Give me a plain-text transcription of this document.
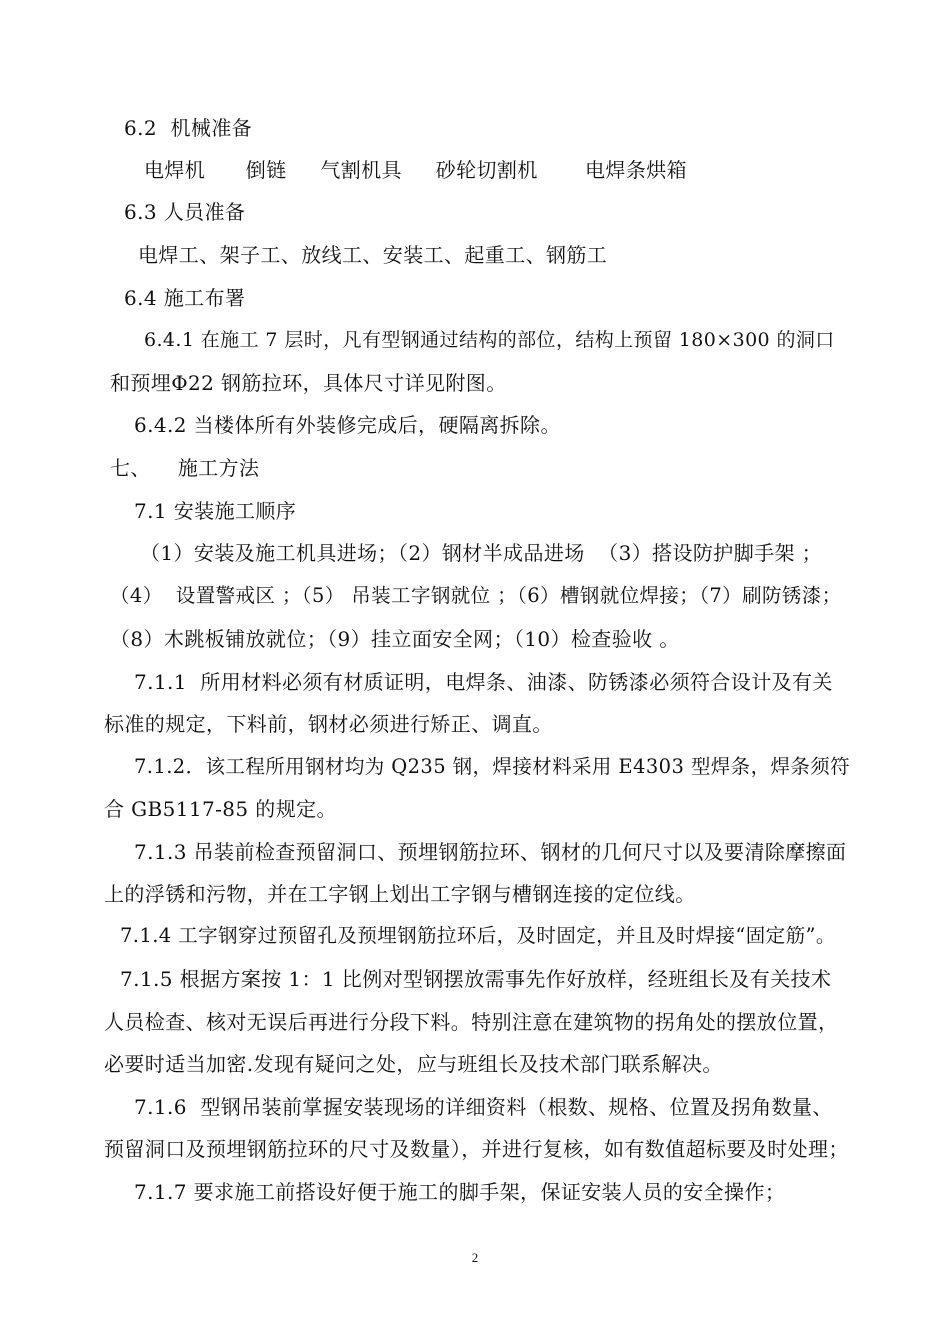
6.2  机械准备
电焊机      倒链     气割机具     砂轮切割机       电焊条烘箱
6.3 人员准备
电焊工、架子工、放线工、安装工、起重工、钢筋工
6.4 施工布署
6.4.1 在施工 7 层时，凡有型钢通过结构的部位，结构上预留 180×300 的洞口
和预埋Φ22 钢筋拉环，具体尺寸详见附图。
6.4.2 当楼体所有外装修完成后，硬隔离拆除。
七、    施工方法
7.1 安装施工顺序
（1）安装及施工机具进场；（2）钢材半成品进场  （3）搭设防护脚手架 ；
（4）  设置警戒区 ；（5） 吊装工字钢就位 ；（6）槽钢就位焊接；（7）刷防锈漆；
（8）木跳板铺放就位；（9）挂立面安全网；（10）检查验收 。
7.1.1  所用材料必须有材质证明，电焊条、油漆、防锈漆必须符合设计及有关
标准的规定，下料前，钢材必须进行矫正、调直。
7.1.2．该工程所用钢材均为 Q235 钢，焊接材料采用 E4303 型焊条，焊条须符
合 GB5117-85 的规定。
7.1.3 吊装前检查预留洞口、预埋钢筋拉环、钢材的几何尺寸以及要清除摩擦面
上的浮锈和污物，并在工字钢上划出工字钢与槽钢连接的定位线。
7.1.4 工字钢穿过预留孔及预埋钢筋拉环后，及时固定，并且及时焊接“固定筋”。
7.1.5 根据方案按 1：1 比例对型钢摆放需事先作好放样，经班组长及有关技术
人员检查、核对无误后再进行分段下料。特别注意在建筑物的拐角处的摆放位置，
必要时适当加密.发现有疑问之处，应与班组长及技术部门联系解决。
7.1.6  型钢吊装前掌握安装现场的详细资料（根数、规格、位置及拐角数量、
预留洞口及预埋钢筋拉环的尺寸及数量），并进行复核，如有数值超标要及时处理；
7.1.7 要求施工前搭设好便于施工的脚手架，保证安装人员的安全操作；
2
